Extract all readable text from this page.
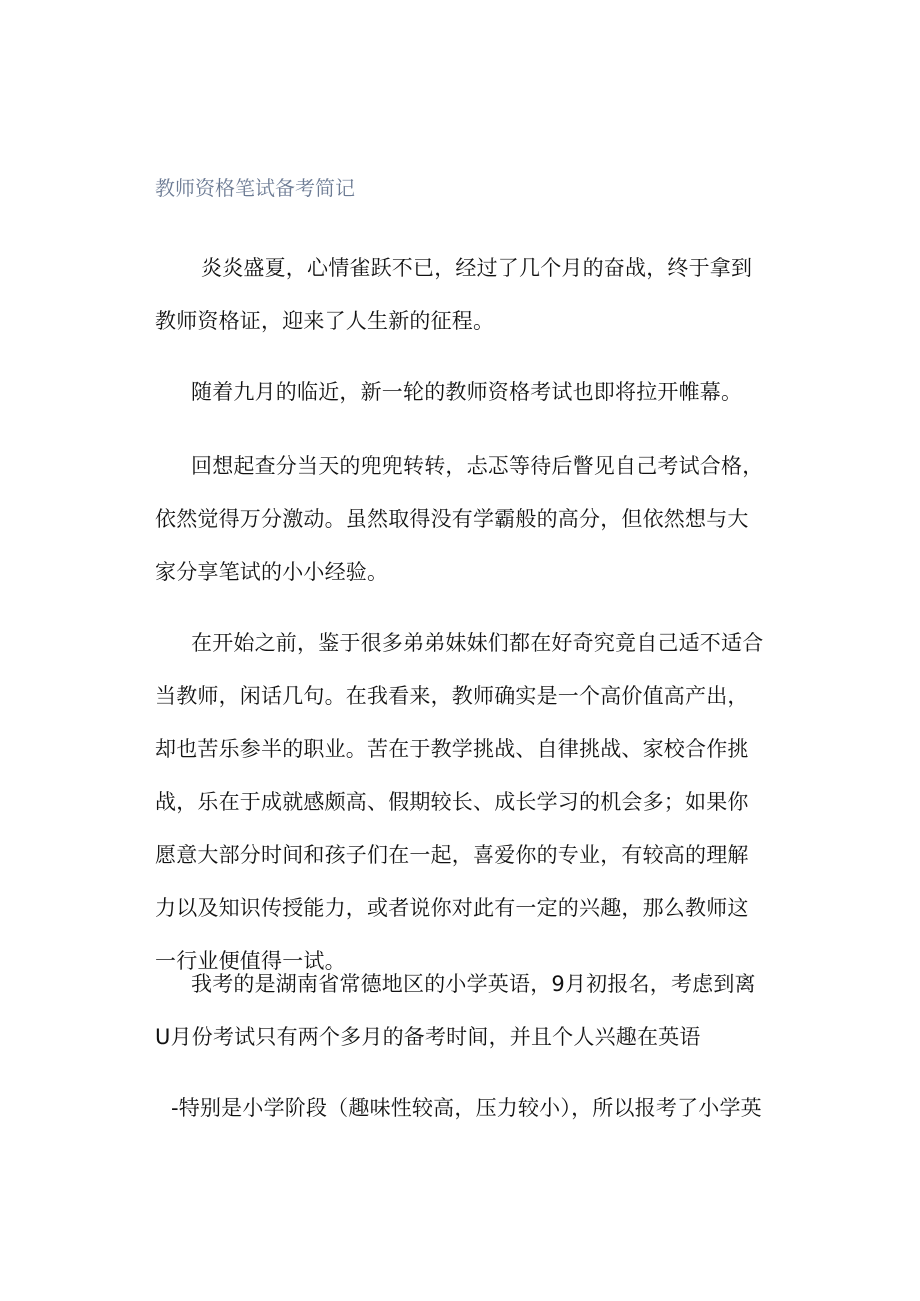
教师资格笔试备考简记

炎炎盛夏，心情雀跃不已，经过了几个月的奋战，终于拿到教师资格证，迎来了人生新的征程。

随着九月的临近，新一轮的教师资格考试也即将拉开帷幕。

回想起查分当天的兜兜转转，忐忑等待后瞥见自己考试合格，依然觉得万分激动。虽然取得没有学霸般的高分，但依然想与大家分享笔试的小小经验。

在开始之前，鉴于很多弟弟妹妹们都在好奇究竟自己适不适合当教师，闲话几句。在我看来，教师确实是一个高价值高产出，却也苦乐参半的职业。苦在于教学挑战、自律挑战、家校合作挑战，乐在于成就感颇高、假期较长、成长学习的机会多；如果你愿意大部分时间和孩子们在一起，喜爱你的专业，有较高的理解力以及知识传授能力，或者说你对此有一定的兴趣，那么教师这一行业便值得一试。

我考的是湖南省常德地区的小学英语，9月初报名，考虑到离U月份考试只有两个多月的备考时间，并且个人兴趣在英语

-特别是小学阶段（趣味性较高，压力较小），所以报考了小学英
